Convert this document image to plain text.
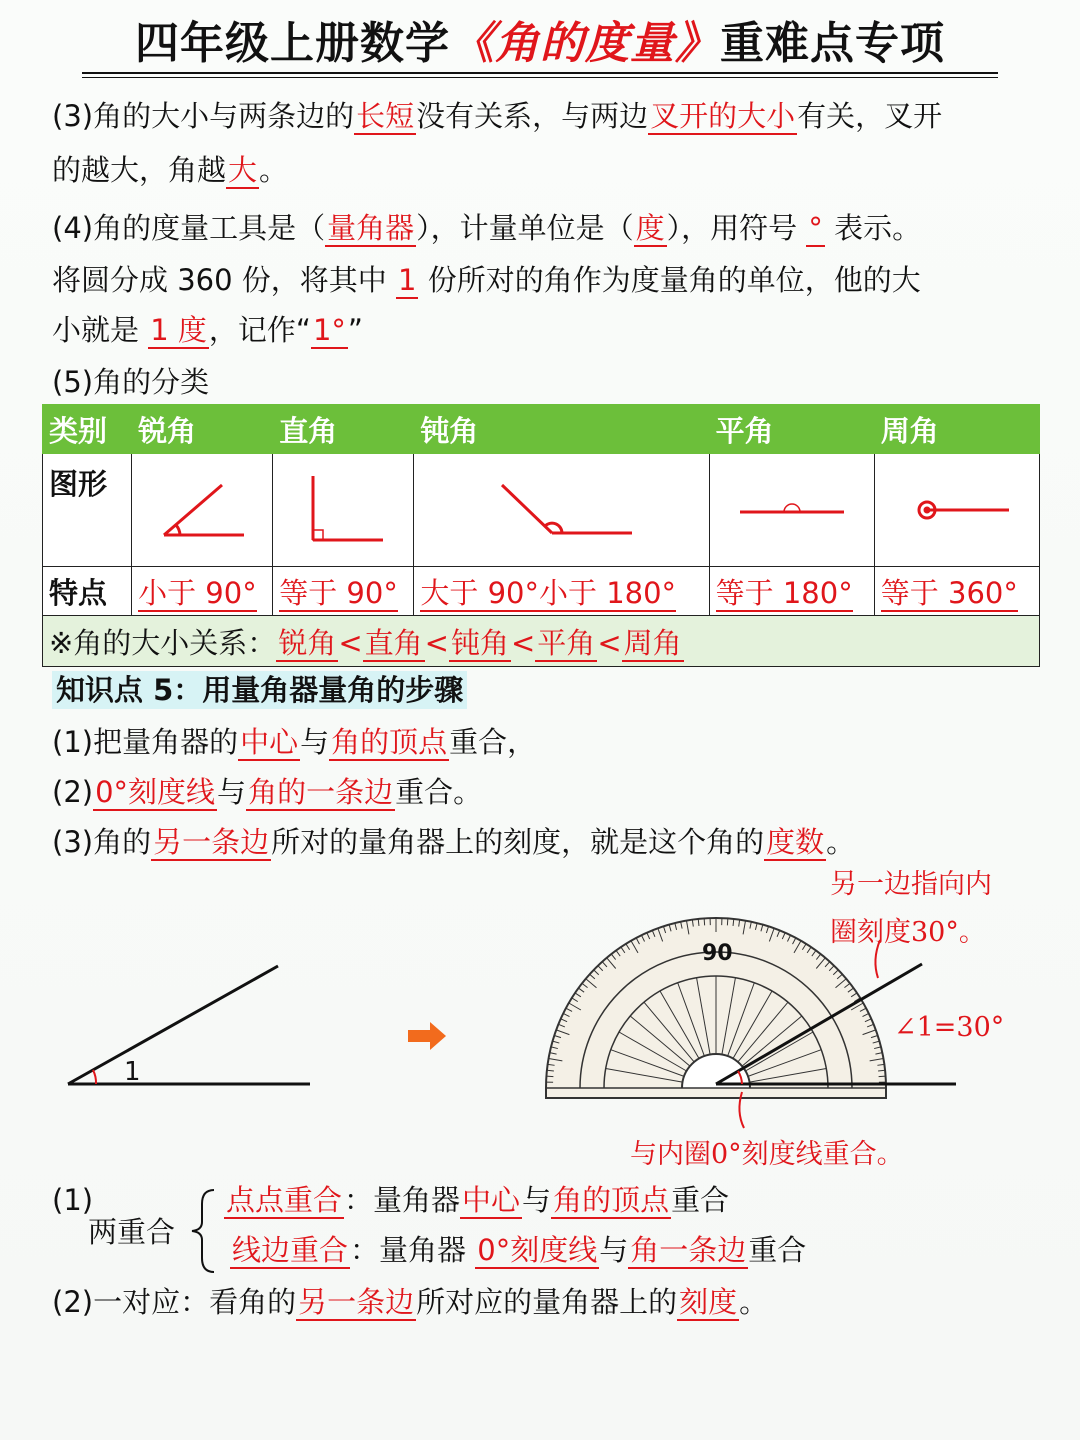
四年级上册数学《角的度量》重难点专项
(3)角的大小与两条边的长短没有关系，与两边叉开的大小有关，叉开
的越大，角越大。
(4)角的度量工具是（量角器），计量单位是（度），用符号 ° 表示。
将圆分成 360 份，将其中 1 份所对的角作为度量角的单位，他的大
小就是 1 度，记作“1°”
(5)角的分类
类别	锐角	直角	钝角	平角	周角
图形	

特点	小于 90°	等于 90°	大于 90°小于 180°	等于 180°	等于 360°
※角的大小关系：锐角<直角<钝角<平角<周角					
知识点 5：用量角器量角的步骤
(1)把量角器的中心与角的顶点重合，
(2)0°刻度线与角的一条边重合。
(3)角的另一条边所对的量角器上的刻度，就是这个角的度数。
1
90
另一边指向内
圈刻度30°。
∠1=30°
与内圈0°刻度线重合。
(1)
两重合
点点重合：量角器中心与角的顶点重合
线边重合：量角器 0°刻度线与角一条边重合
(2)一对应：看角的另一条边所对应的量角器上的刻度。
